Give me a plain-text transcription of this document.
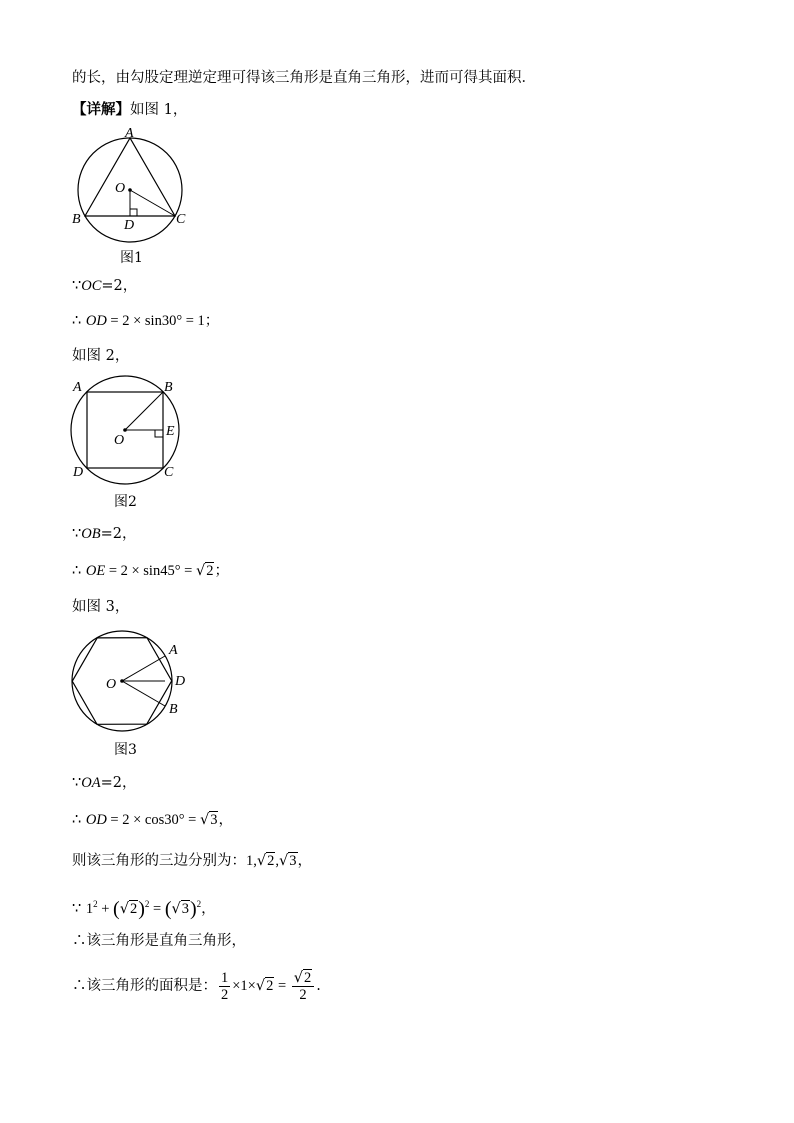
的长，由勾股定理逆定理可得该三角形是直角三角形，进而可得其面积．
【详解】如图 1，
A
O
B	D	C
图1
∵OC=2，
∴ OD = 2 × sin30° = 1；
如图 2，
A	B
O
E
D	C
图2
∵OB=2，
∴ OE = 2 × sin45° = √2；
如图 3，
A
O	D
B
图3
∵OA=2，
∴ OD = 2 × cos30° = √3，
则该三角形的三边分别为：1,√2,√3，
∵ $1^2 + (√2)^2 = (√3)^2$，
∴该三角形是直角三角形，
∴该三角形的面积是： $\frac{1}{2} \times 1\times√2 = \frac{√2}{2}$ .
